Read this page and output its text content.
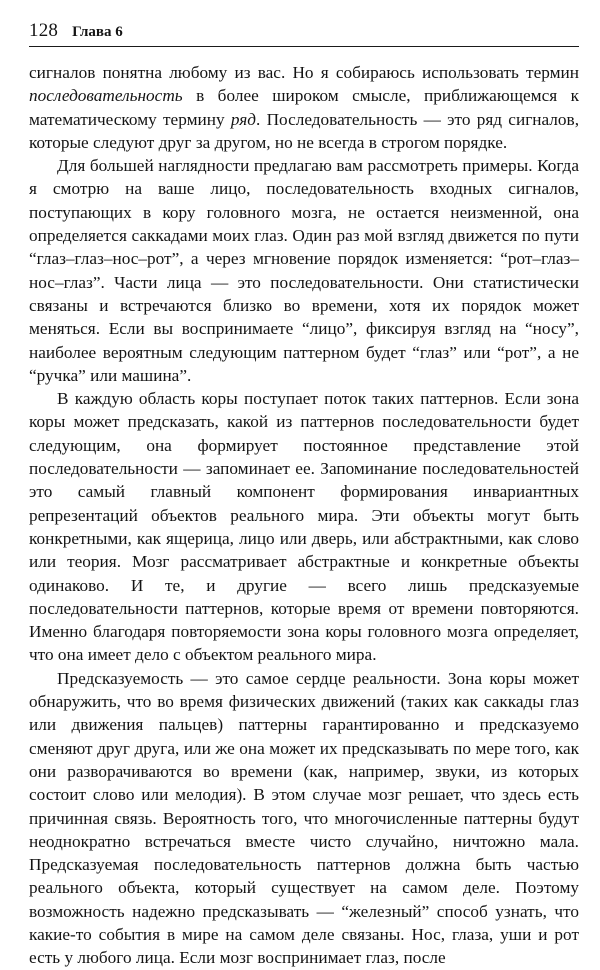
128 Глава 6

сигналов понятна любому из вас. Но я собираюсь использовать термин последовательность в более широком смысле, приближающемся к математическому термину ряд. Последовательность — это ряд сигналов, которые следуют друг за другом, но не всегда в строгом порядке.

Для большей наглядности предлагаю вам рассмотреть примеры. Когда я смотрю на ваше лицо, последовательность входных сигналов, поступающих в кору головного мозга, не остается неизменной, она определяется саккадами моих глаз. Один раз мой взгляд движется по пути “глаз–глаз–нос–рот”, а через мгновение порядок изменяется: “рот–глаз–нос–глаз”. Части лица — это последовательности. Они статистически связаны и встречаются близко во времени, хотя их порядок может меняться. Если вы воспринимаете “лицо”, фиксируя взгляд на “носу”, наиболее вероятным следующим паттерном будет “глаз” или “рот”, а не “ручка” или машина”.

В каждую область коры поступает поток таких паттернов. Если зона коры может предсказать, какой из паттернов последовательности будет следующим, она формирует постоянное представление этой последовательности — запоминает ее. Запоминание последовательностей это самый главный компонент формирования инвариантных репрезентаций объектов реального мира. Эти объекты могут быть конкретными, как ящерица, лицо или дверь, или абстрактными, как слово или теория. Мозг рассматривает абстрактные и конкретные объекты одинаково. И те, и другие — всего лишь предсказуемые последовательности паттернов, которые время от времени повторяются. Именно благодаря повторяемости зона коры головного мозга определяет, что она имеет дело с объектом реального мира.

Предсказуемость — это самое сердце реальности. Зона коры может обнаружить, что во время физических движений (таких как саккады глаз или движения пальцев) паттерны гарантированно и предсказуемо сменяют друг друга, или же она может их предсказывать по мере того, как они разворачиваются во времени (как, например, звуки, из которых состоит слово или мелодия). В этом случае мозг решает, что здесь есть причинная связь. Вероятность того, что многочисленные паттерны будут неоднократно встречаться вместе чисто случайно, ничтожно мала. Предсказуемая последовательность паттернов должна быть частью реального объекта, который существует на самом деле. Поэтому возможность надежно предсказывать — “железный” способ узнать, что какие-то события в мире на самом деле связаны. Нос, глаза, уши и рот есть у любого лица. Если мозг воспринимает глаз, после
